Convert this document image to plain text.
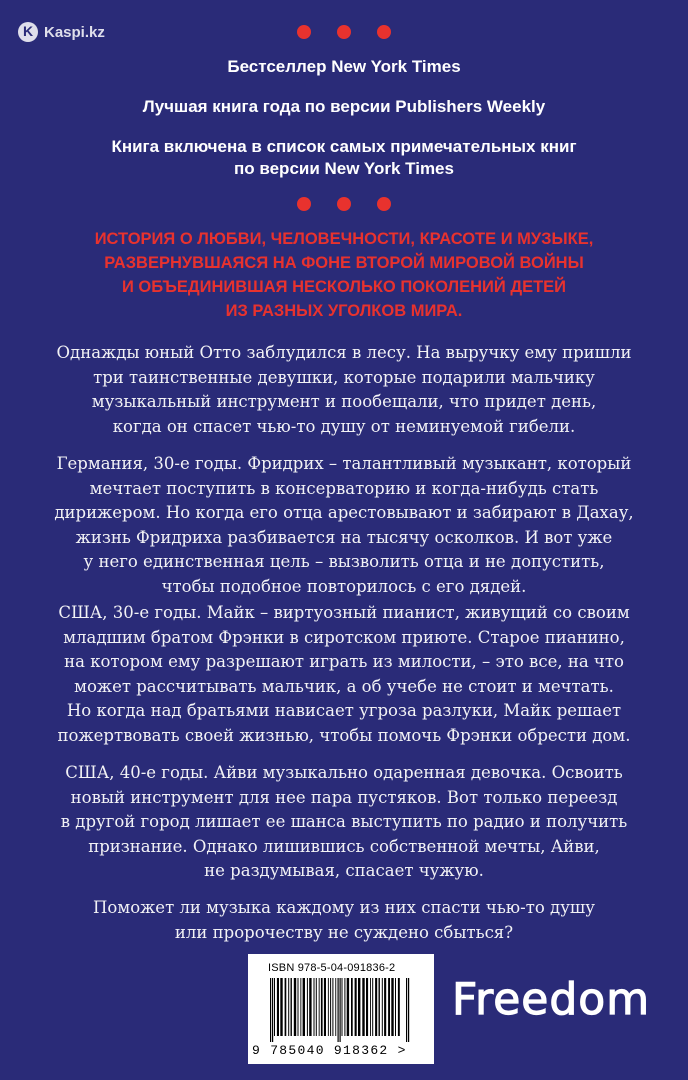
K
Kaspi.kz
Бестселлер New York Times
Лучшая книга года по версии Publishers Weekly
Книга включена в список самых примечательных книг
по версии New York Times
ИСТОРИЯ О ЛЮБВИ, ЧЕЛОВЕЧНОСТИ, КРАСОТЕ И МУЗЫКЕ,
РАЗВЕРНУВШАЯСЯ НА ФОНЕ ВТОРОЙ МИРОВОЙ ВОЙНЫ
И ОБЪЕДИНИВШАЯ НЕСКОЛЬКО ПОКОЛЕНИЙ ДЕТЕЙ
ИЗ РАЗНЫХ УГОЛКОВ МИРА.
Однажды юный Отто заблудился в лесу. На выручку ему пришли
три таинственные девушки, которые подарили мальчику
музыкальный инструмент и пообещали, что придет день,
когда он спасет чью-то душу от неминуемой гибели.
Германия, 30-е годы. Фридрих – талантливый музыкант, который
мечтает поступить в консерваторию и когда-нибудь стать
дирижером. Но когда его отца арестовывают и забирают в Дахау,
жизнь Фридриха разбивается на тысячу осколков. И вот уже
у него единственная цель – вызволить отца и не допустить,
чтобы подобное повторилось с его дядей.
США, 30-е годы. Майк – виртуозный пианист, живущий со своим
младшим братом Фрэнки в сиротском приюте. Старое пианино,
на котором ему разрешают играть из милости, – это все, на что
может рассчитывать мальчик, а об учебе не стоит и мечтать.
Но когда над братьями нависает угроза разлуки, Майк решает
пожертвовать своей жизнью, чтобы помочь Фрэнки обрести дом.
США, 40-е годы. Айви музыкально одаренная девочка. Освоить
новый инструмент для нее пара пустяков. Вот только переезд
в другой город лишает ее шанса выступить по радио и получить
признание. Однако лишившись собственной мечты, Айви,
не раздумывая, спасает чужую.
Поможет ли музыка каждому из них спасти чью-то душу
или пророчеству не суждено сбыться?
ISBN 978-5-04-091836-2
9 785040 918362 >
Freedom
